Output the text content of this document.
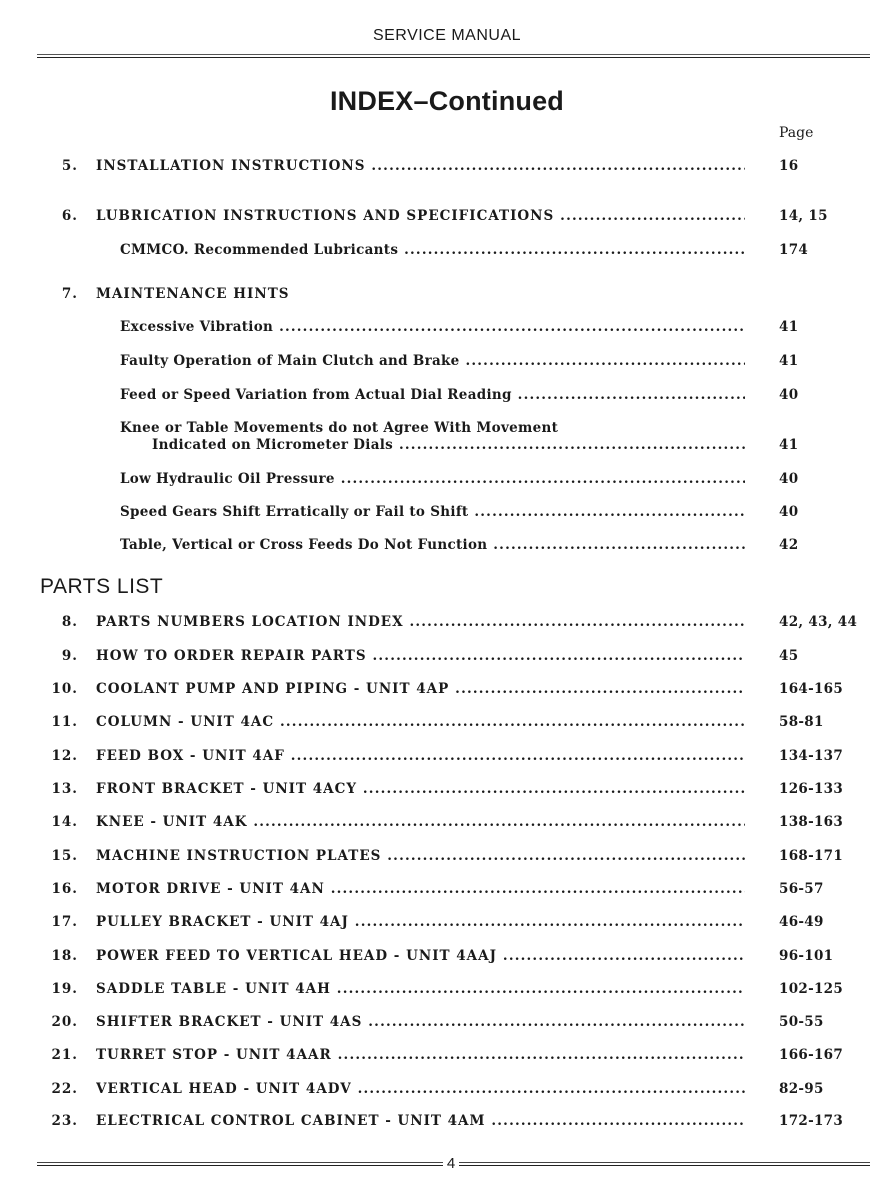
SERVICE MANUAL
INDEX–Continued
Page
5. INSTALLATION INSTRUCTIONS .....	16
6. LUBRICATION INSTRUCTIONS AND SPECIFICATIONS .....	14, 15
CMMCO. Recommended Lubricants .....	174
7. MAINTENANCE HINTS
Excessive Vibration .....	41
Faulty Operation of Main Clutch and Brake .....	41
Feed or Speed Variation from Actual Dial Reading .....	40
Knee or Table Movements do not Agree With Movement
Indicated on Micrometer Dials .....	41
Low Hydraulic Oil Pressure .....	40
Speed Gears Shift Erratically or Fail to Shift .....	40
Table, Vertical or Cross Feeds Do Not Function .....	42
PARTS LIST
8. PARTS NUMBERS LOCATION INDEX .....	42, 43, 44
9. HOW TO ORDER REPAIR PARTS .....	45
10. COOLANT PUMP AND PIPING - UNIT 4AP .....	164-165
11. COLUMN - UNIT 4AC .....	58-81
12. FEED BOX - UNIT 4AF .....	134-137
13. FRONT BRACKET - UNIT 4ACY .....	126-133
14. KNEE - UNIT 4AK .....	138-163
15. MACHINE INSTRUCTION PLATES .....	168-171
16. MOTOR DRIVE - UNIT 4AN .....	56-57
17. PULLEY BRACKET - UNIT 4AJ .....	46-49
18. POWER FEED TO VERTICAL HEAD - UNIT 4AAJ .....	96-101
19. SADDLE TABLE - UNIT 4AH .....	102-125
20. SHIFTER BRACKET - UNIT 4AS .....	50-55
21. TURRET STOP - UNIT 4AAR .....	166-167
22. VERTICAL HEAD - UNIT 4ADV .....	82-95
23. ELECTRICAL CONTROL CABINET - UNIT 4AM .....	172-173
4
